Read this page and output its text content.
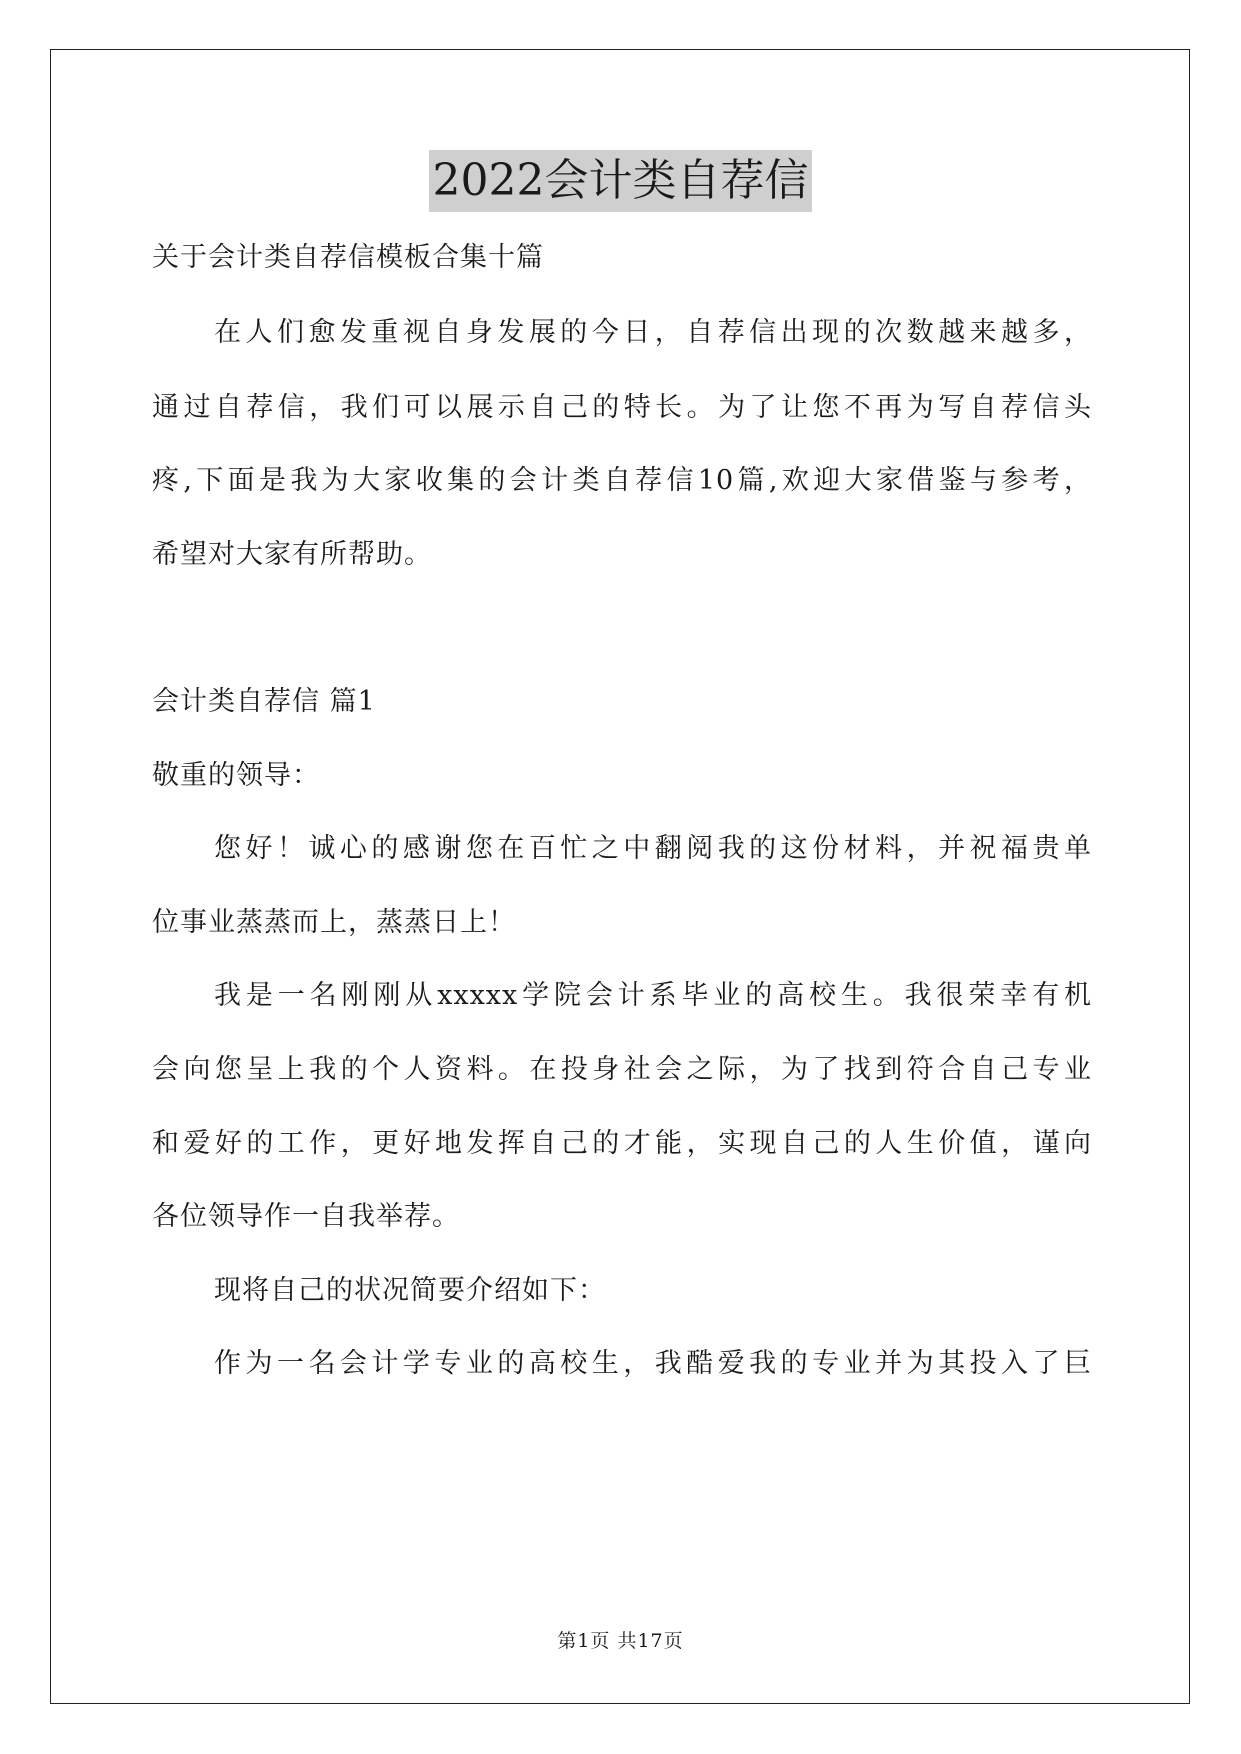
2022会计类自荐信
关于会计类自荐信模板合集十篇
在人们愈发重视自身发展的今日，自荐信出现的次数越来越多，
通过自荐信，我们可以展示自己的特长。为了让您不再为写自荐信头
疼,下面是我为大家收集的会计类自荐信10篇,欢迎大家借鉴与参考，
希望对大家有所帮助。
会计类自荐信 篇1
敬重的领导：
您好！诚心的感谢您在百忙之中翻阅我的这份材料，并祝福贵单
位事业蒸蒸而上，蒸蒸日上！
我是一名刚刚从xxxxx学院会计系毕业的高校生。我很荣幸有机
会向您呈上我的个人资料。在投身社会之际，为了找到符合自己专业
和爱好的工作，更好地发挥自己的才能，实现自己的人生价值，谨向
各位领导作一自我举荐。
现将自己的状况简要介绍如下：
作为一名会计学专业的高校生，我酷爱我的专业并为其投入了巨
第1页 共17页
